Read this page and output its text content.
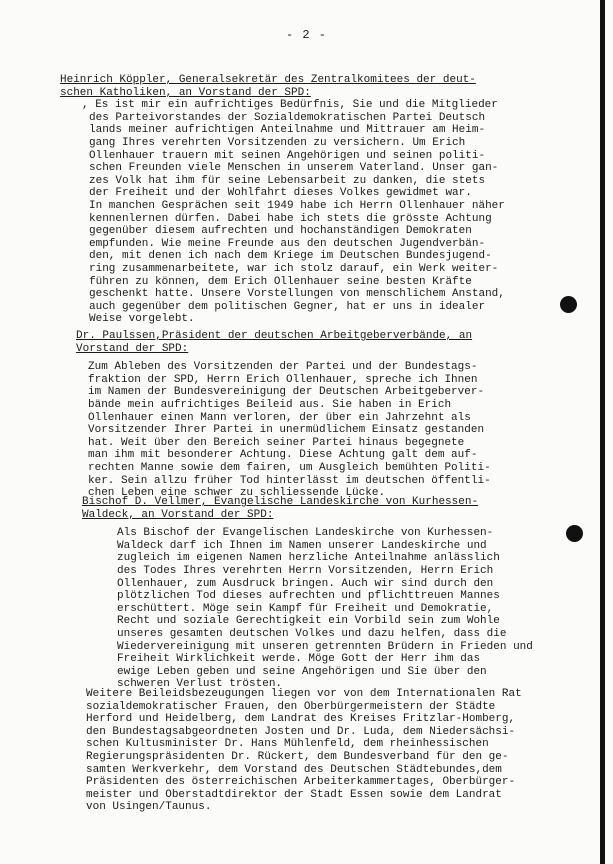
- 2 -
Heinrich Köppler, Generalsekretär des Zentralkomitees der deut-
schen Katholiken, an Vorstand der SPD:
, Es ist mir ein aufrichtiges Bedürfnis, Sie und die Mitglieder
des Parteivorstandes der Sozialdemokratischen Partei Deutsch
lands meiner aufrichtigen Anteilnahme und Mittrauer am Heim-
gang Ihres verehrten Vorsitzenden zu versichern. Um Erich
Ollenhauer trauern mit seinen Angehörigen und seinen politi-
schen Freunden viele Menschen in unserem Vaterland. Unser gan-
zes Volk hat ihm für seine Lebensarbeit zu danken, die stets
der Freiheit und der Wohlfahrt dieses Volkes gewidmet war.
In manchen Gesprächen seit 1949 habe ich Herrn Ollenhauer näher
kennenlernen dürfen. Dabei habe ich stets die grösste Achtung
gegenüber diesem aufrechten und hochanständigen Demokraten
empfunden. Wie meine Freunde aus den deutschen Jugendverbän-
den, mit denen ich nach dem Kriege im Deutschen Bundesjugend-
ring zusammenarbeitete, war ich stolz darauf, ein Werk weiter-
führen zu können, dem Erich Ollenhauer seine besten Kräfte
geschenkt hatte. Unsere Vorstellungen von menschlichem Anstand,
auch gegenüber dem politischen Gegner, hat er uns in idealer
Weise vorgelebt.
Dr. Paulssen,Präsident der deutschen Arbeitgeberverbände, an
Vorstand der SPD:
Zum Ableben des Vorsitzenden der Partei und der Bundestags-
fraktion der SPD, Herrn Erich Ollenhauer, spreche ich Ihnen
im Namen der Bundesvereinigung der Deutschen Arbeitgeberver-
bände mein aufrichtiges Beileid aus. Sie haben in Erich
Ollenhauer einen Mann verloren, der über ein Jahrzehnt als
Vorsitzender Ihrer Partei in unermüdlichem Einsatz gestanden
hat. Weit über den Bereich seiner Partei hinaus begegnete
man ihm mit besonderer Achtung. Diese Achtung galt dem auf-
rechten Manne sowie dem fairen, um Ausgleich bemühten Politi-
ker. Sein allzu früher Tod hinterlässt im deutschen öffentli-
chen Leben eine schwer zu schliessende Lücke.
Bischof D. Vellmer, Evangelische Landeskirche von Kurhessen-
Waldeck, an Vorstand der SPD:
Als Bischof der Evangelischen Landeskirche von Kurhessen-
Waldeck darf ich Ihnen im Namen unserer Landeskirche und
zugleich im eigenen Namen herzliche Anteilnahme anlässlich
des Todes Ihres verehrten Herrn Vorsitzenden, Herrn Erich
Ollenhauer, zum Ausdruck bringen. Auch wir sind durch den
plötzlichen Tod dieses aufrechten und pflichttreuen Mannes
erschüttert. Möge sein Kampf für Freiheit und Demokratie,
Recht und soziale Gerechtigkeit ein Vorbild sein zum Wohle
unseres gesamten deutschen Volkes und dazu helfen, dass die
Wiedervereinigung mit unseren getrennten Brüdern in Frieden und
Freiheit Wirklichkeit werde. Möge Gott der Herr ihm das
ewige Leben geben und seine Angehörigen und Sie über den
schweren Verlust trösten.
Weitere Beileidsbezeugungen liegen vor von dem Internationalen Rat
sozialdemokratischer Frauen, den Oberbürgermeistern der Städte
Herford und Heidelberg, dem Landrat des Kreises Fritzlar-Homberg,
den Bundestagsabgeordneten Josten und Dr. Luda, dem Niedersächsi-
schen Kultusminister Dr. Hans Mühlenfeld, dem rheinhessischen
Regierungspräsidenten Dr. Rückert, dem Bundesverband für den ge-
samten Werkverkehr, dem Vorstand des Deutschen Städtebundes,dem
Präsidenten des österreichischen Arbeiterkammertages, Oberbürger-
meister und Oberstadtdirektor der Stadt Essen sowie dem Landrat
von Usingen/Taunus.
